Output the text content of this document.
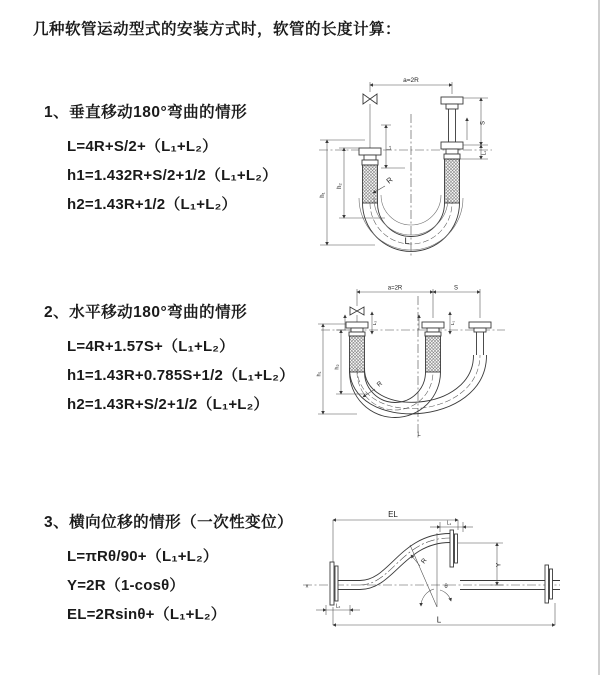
几种软管运动型式的安装方式时，软管的长度计算：
1、垂直移动180°弯曲的情形
L=4R+S/2+（L₁+L₂）
h1=1.432R+S/2+1/2（L₁+L₂）
h2=1.43R+1/2（L₁+L₂）
2、水平移动180°弯曲的情形
L=4R+1.57S+（L₁+L₂）
h1=1.43R+0.785S+1/2（L₁+L₂）
h2=1.43R+S/2+1/2（L₁+L₂）
3、横向位移的情形（一次性变位）
L=πRθ/90+（L₁+L₂）
Y=2R（1-cosθ）
EL=2Rsinθ+（L₁+L₂）
a=2R
h₁
h₂
S
L₁
L₂
R
L
a=2R	S
h₁
h₂
L₂	L₁
R
L
x
EL
L₁
R
θ
Y
L
L₂
